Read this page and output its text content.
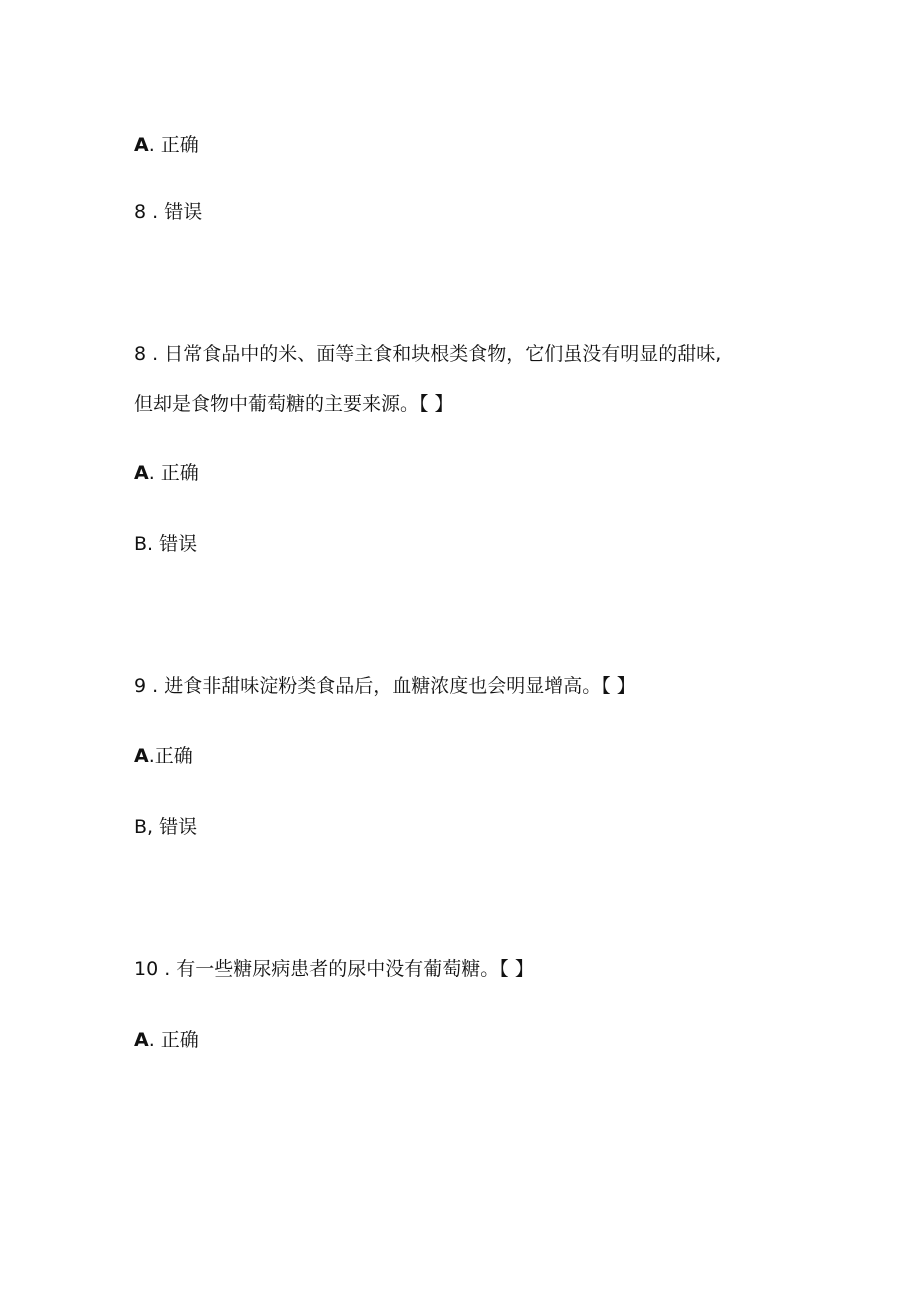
A. 正确
8 . 错误
8 . 日常食品中的米、面等主食和块根类食物，它们虽没有明显的甜味,
但却是食物中葡萄糖的主要来源。【 】
A. 正确
B. 错误
9 . 进食非甜味淀粉类食品后，血糖浓度也会明显增高。【 】
A.正确
B, 错误
10 . 有一些糖尿病患者的尿中没有葡萄糖。【 】
A. 正确
